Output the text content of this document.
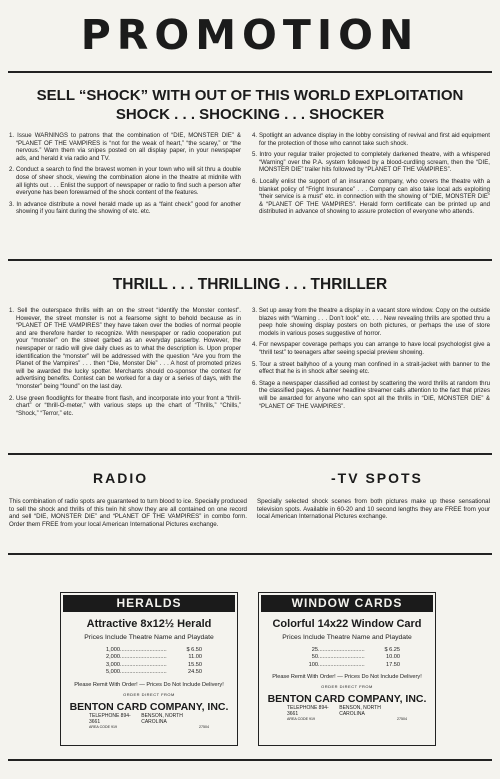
PROMOTION
SELL “SHOCK” WITH OUT OF THIS WORLD EXPLOITATION
SHOCK . . . SHOCKING . . . SHOCKER

1. Issue WARNINGS to patrons that the combination of “DIE, MONSTER DIE” & “PLANET OF THE VAMPIRES is “not for the weak of heart,” “the scarey,” or “the nervous.” Warn them via snipes posted on all display paper, in your newspaper ads, and herald it via radio and TV.

2. Conduct a search to find the bravest women in your town who will sit thru a double dose of sheer shock, viewing the combination alone in the theatre at midnite with all lights out . . . Enlist the support of newspaper or radio to find such a person after everyone has been forewarned of the shock content of the features.

3. In advance distribute a novel herald made up as a “faint check” good for another showing if you faint during the showing of etc. etc.

4. Spotlight an advance display in the lobby consisting of revival and first aid equipment for the protection of those who cannot take such shock.

5. Intro your regular trailer projected to completely darkened theatre, with a whispered “Warning” over the P.A. system followed by a blood-curdling scream, then the “DIE, MONSTER DIE” trailer hits followed by “PLANET OF THE VAMPIRES”.

6. Locally enlist the support of an insurance company, who covers the theatre with a blanket policy of “Fright Insurance” . . . Company can also take local ads exploiting “their service is a must” etc. in connection with the showing of “DIE, MONSTER DIE” & “PLANET OF THE VAMPIRES”. Herald form certificate can be printed up and distributed in advance of showing to assure protection of everyone who attends.

THRILL . . . THRILLING . . . THRILLER

1. Sell the outerspace thrills with an on the street “identify the Monster contest”. However, the street monster is not a fearsome sight to behold because as in “PLANET OF THE VAMPIRES” they have taken over the bodies of normal people and are therefore harder to recognize. With newspaper or radio cooperation put your “monster” on the street garbed as an everyday passerby. However, the newspaper or radio will give daily clues as to what the description is. Upon proper identification the “monster” will be addressed with the question “Are you from the Planet of the Vampires” . . . then “Die, Monster Die” . . . A host of promoted prizes will be awarded the lucky spotter. Merchants should co-sponsor the contest for advertising benefits. Contest can be worked for a day or a series of days, with the “monster” being “found” on the last day.

2. Use green floodlights for theatre front flash, and incorporate into your front a “thrill-chart” or “thrill-O-meter,” with various steps up the chart of “Thrills,” “Chills,” “Shock,” “Terror,” etc.

3. Set up away from the theatre a display in a vacant store window. Copy on the outside blazes with “Warning . . . Don’t look” etc. . . . New revealing thrills are spotted thru a peep hole showing display posters on both pictures, or perhaps the use of store models in various poses suggestive of horror.

4. For newspaper coverage perhaps you can arrange to have local psychologist give a “thrill test” to teenagers after seeing special preview showing.

5. Tour a street ballyhoo of a young man confined in a strait-jacket with banner to the effect that he is in shock after seeing etc.

6. Stage a newspaper classified ad contest by scattering the word thrills at random thru the classified pages. A banner headline streamer calls attention to the fact that prizes will be awarded for anyone who can spot all the thrills in “DIE, MONSTER DIE” & “PLANET OF THE VAMPIRES”.

RADIO	-TV SPOTS
This combination of radio spots are guaranteed to turn blood to ice. Specially produced to sell the shock and thrills of this twin hit show they are all contained on one record and sell “DIE, MONSTER DIE” and “PLANET OF THE VAMPIRES” in combo form. Order them FREE from your local American International Pictures exchange.
Specially selected shock scenes from both pictures make up these sensational television spots. Available in 60-20 and 10 second lengths they are FREE from your local American International Pictures exchange.
HERALDS
Attractive 8x12½ Herald
Prices Include Theatre Name and Playdate
1,000 ..............................	$ 6.50
2,000 ..............................	11.00
3,000 ..............................	15.50
5,000 ..............................	24.50
Please Remit With Order! — Prices Do Not Include Delivery!
ORDER DIRECT FROM
BENTON CARD COMPANY, INC.
TELEPHONE 894-3661
BENSON, NORTH CAROLINA
AREA CODE 919	27504
WINDOW CARDS
Colorful 14x22 Window Card
Prices Include Theatre Name and Playdate
25 ..............................	$ 6.25
50 ..............................	10.00
100 ..............................	17.50
Please Remit With Order! — Prices Do Not Include Delivery!
ORDER DIRECT FROM
BENTON CARD COMPANY, INC.
TELEPHONE 894-3661
BENSON, NORTH CAROLINA
AREA CODE 919	27504
